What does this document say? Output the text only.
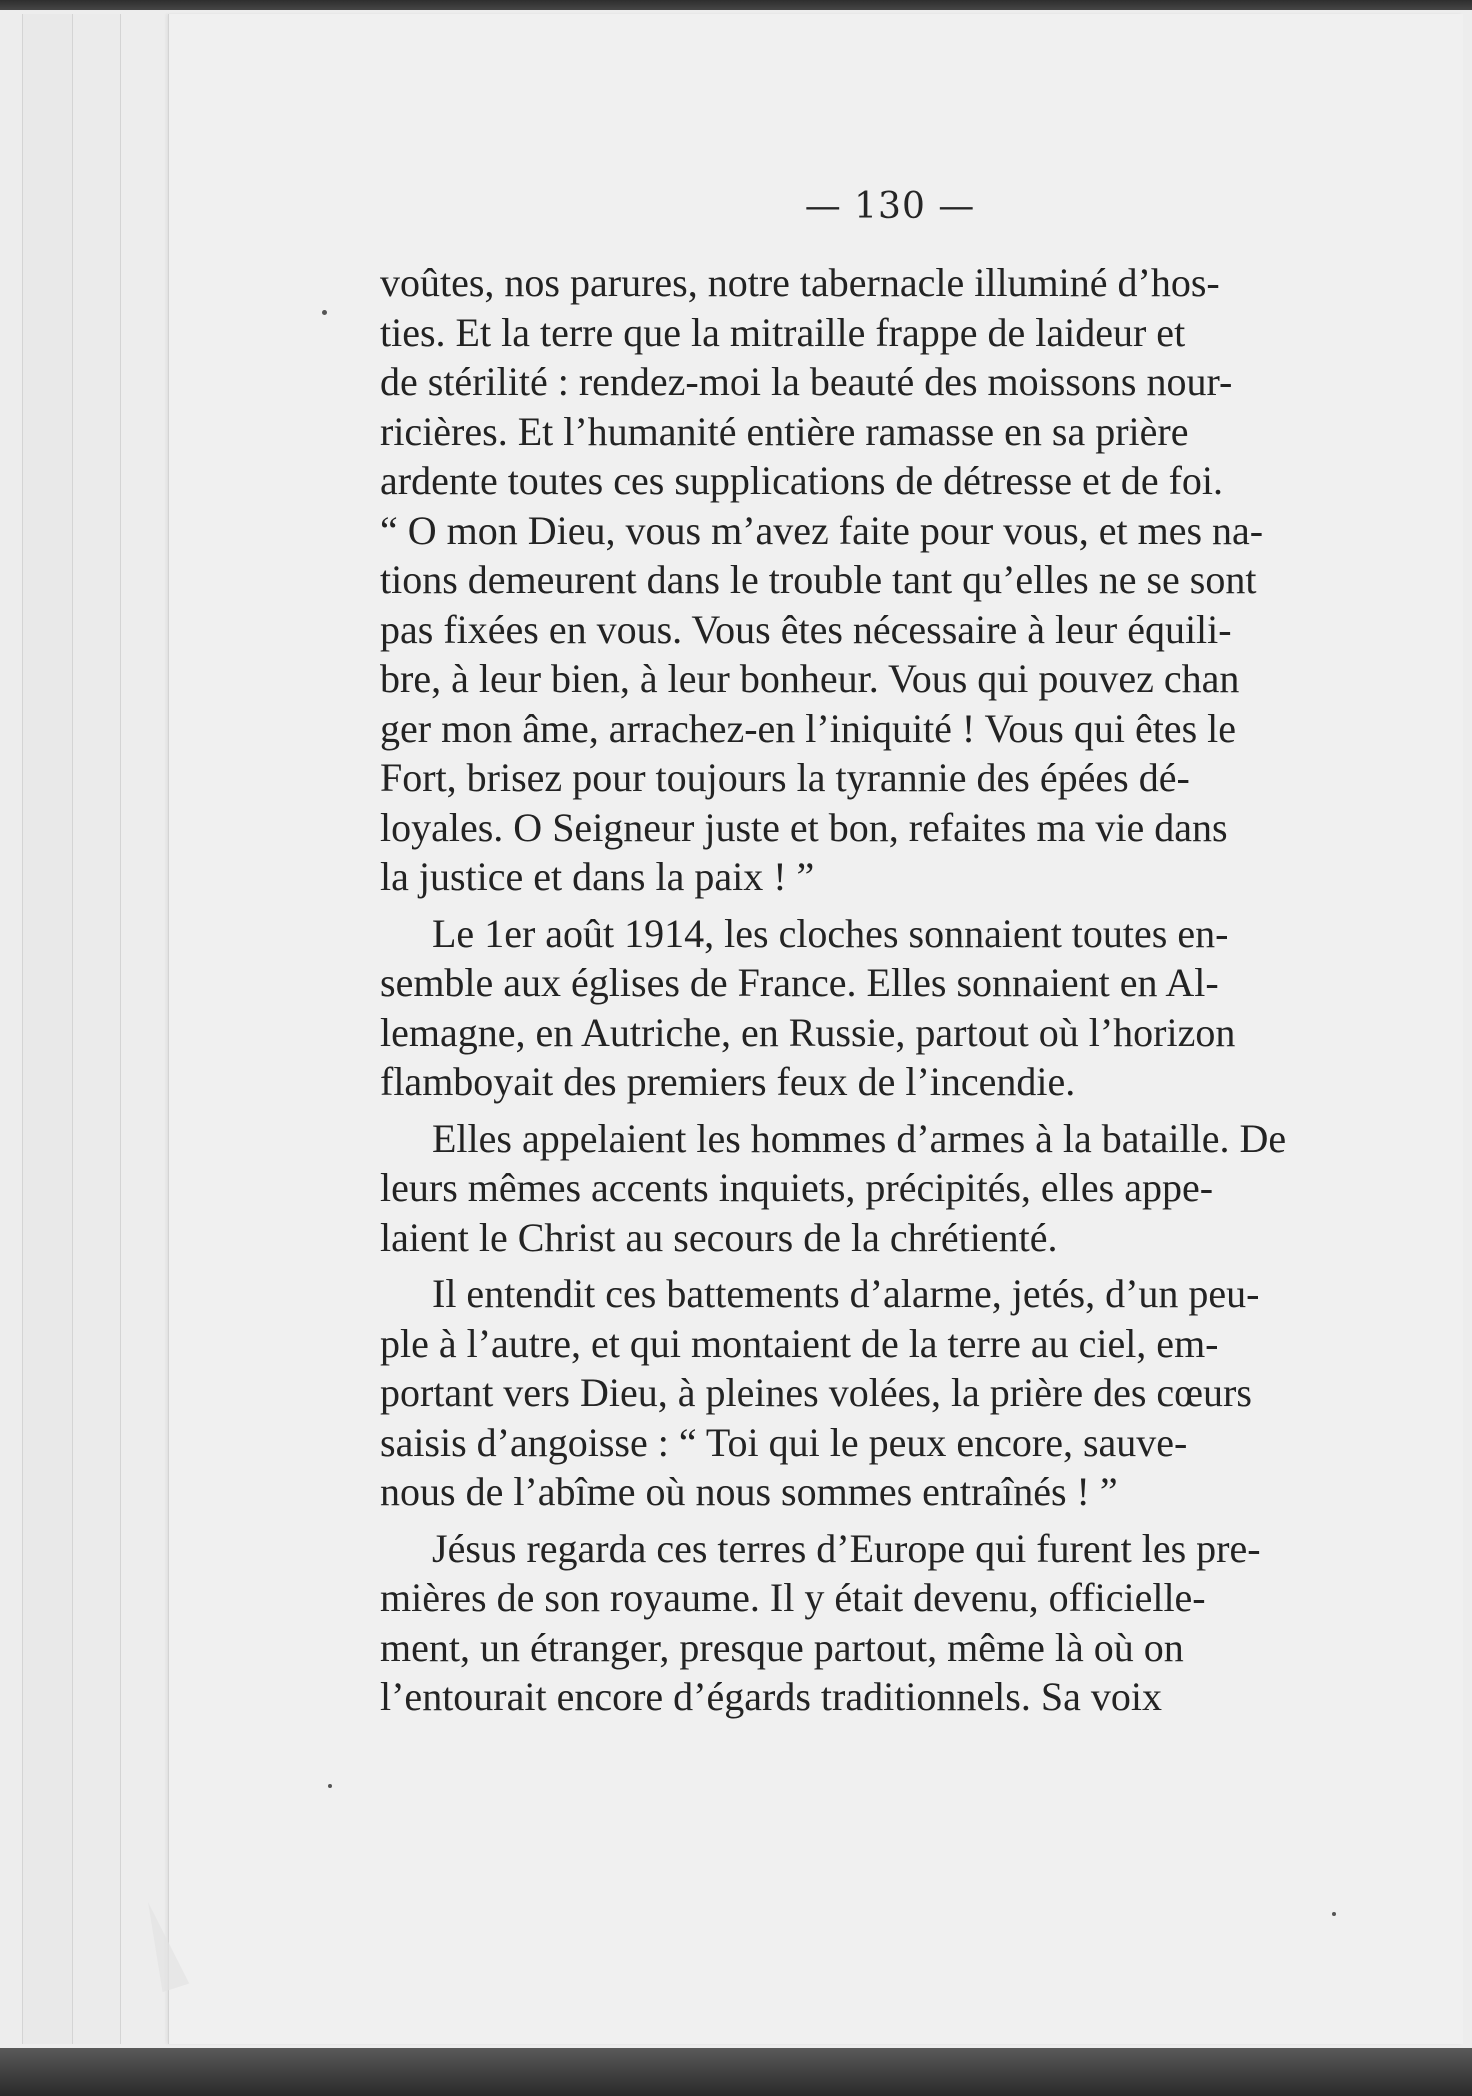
— 130 —
voûtes, nos parures, notre tabernacle illuminé d’hos-
ties. Et la terre que la mitraille frappe de laideur et
de stérilité : rendez-moi la beauté des moissons nour-
ricières. Et l’humanité entière ramasse en sa prière
ardente toutes ces supplications de détresse et de foi.
“ O mon Dieu, vous m’avez faite pour vous, et mes na-
tions demeurent dans le trouble tant qu’elles ne se sont
pas fixées en vous. Vous êtes nécessaire à leur équili-
bre, à leur bien, à leur bonheur. Vous qui pouvez chan
ger mon âme, arrachez-en l’iniquité ! Vous qui êtes le
Fort, brisez pour toujours la tyrannie des épées dé-
loyales. O Seigneur juste et bon, refaites ma vie dans
la justice et dans la paix ! ”
Le 1er août 1914, les cloches sonnaient toutes en-
semble aux églises de France. Elles sonnaient en Al-
lemagne, en Autriche, en Russie, partout où l’horizon
flamboyait des premiers feux de l’incendie.
Elles appelaient les hommes d’armes à la bataille. De
leurs mêmes accents inquiets, précipités, elles appe-
laient le Christ au secours de la chrétienté.
Il entendit ces battements d’alarme, jetés, d’un peu-
ple à l’autre, et qui montaient de la terre au ciel, em-
portant vers Dieu, à pleines volées, la prière des cœurs
saisis d’angoisse : “ Toi qui le peux encore, sauve-
nous de l’abîme où nous sommes entraînés ! ”
Jésus regarda ces terres d’Europe qui furent les pre-
mières de son royaume. Il y était devenu, officielle-
ment, un étranger, presque partout, même là où on
l’entourait encore d’égards traditionnels. Sa voix
